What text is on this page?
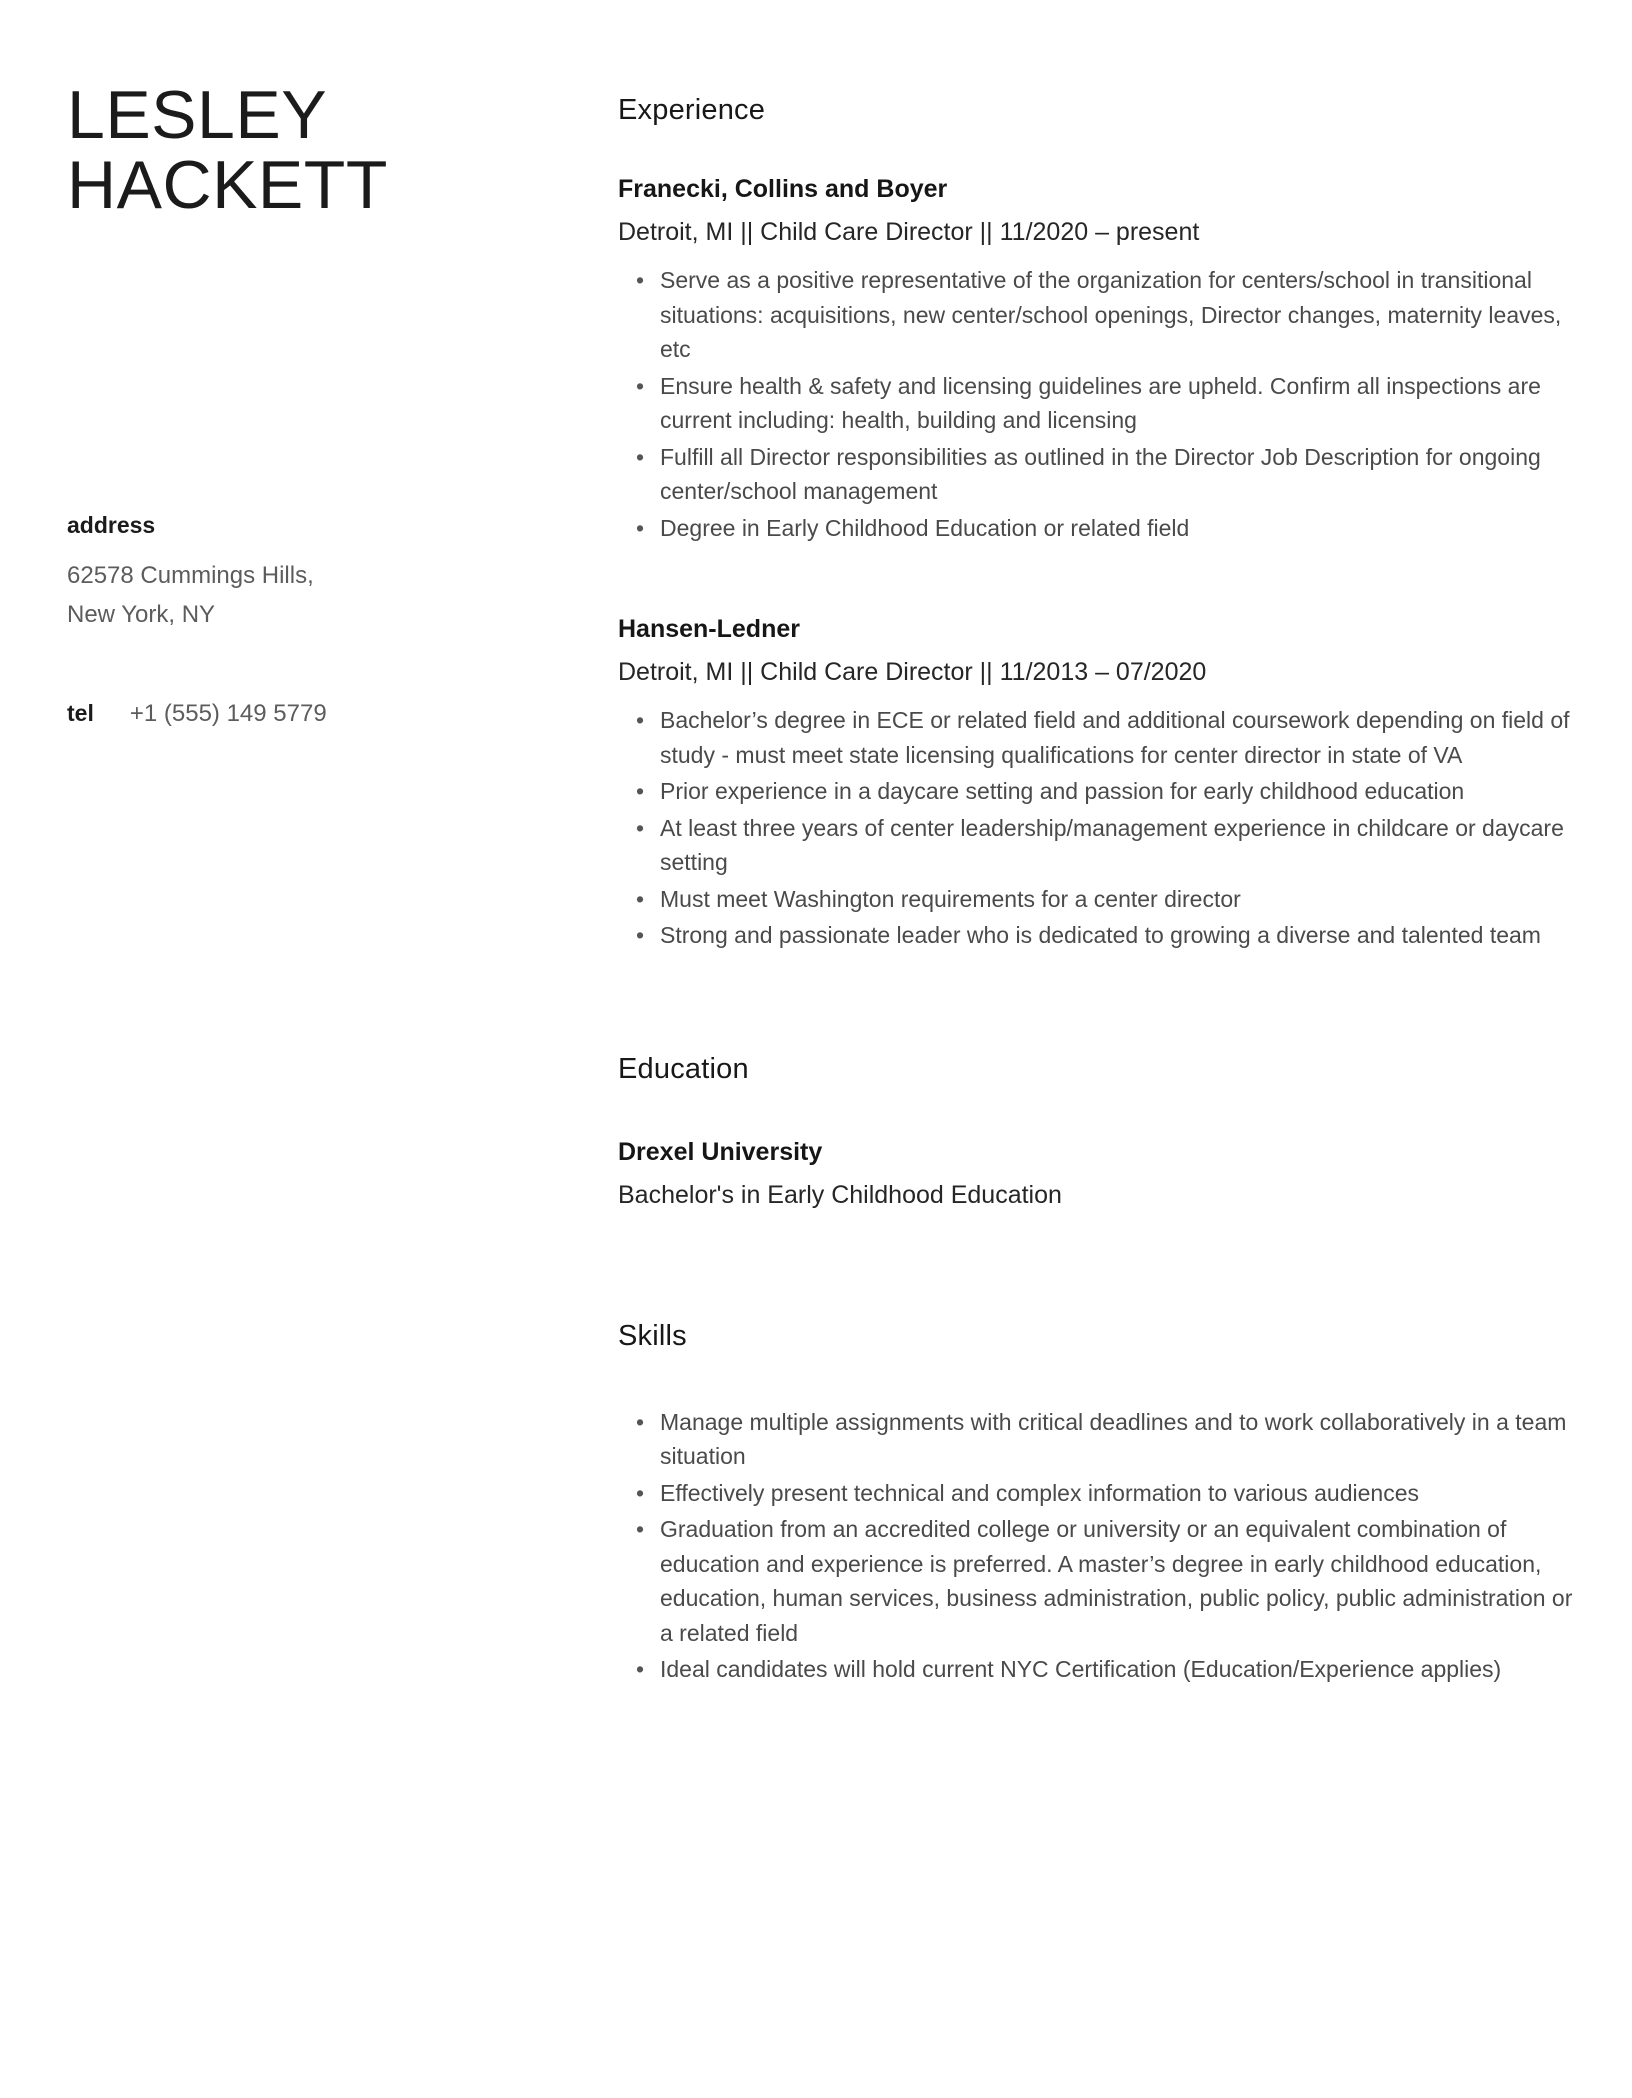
LESLEY
HACKETT
address
62578 Cummings Hills,
New York, NY
tel +1 (555) 149 5779
Experience
Franecki, Collins and Boyer
Detroit, MI || Child Care Director || 11/2020 – present
• Serve as a positive representative of the organization for centers/school in transitional situations: acquisitions, new center/school openings, Director changes, maternity leaves, etc
• Ensure health & safety and licensing guidelines are upheld. Confirm all inspections are current including: health, building and licensing
• Fulfill all Director responsibilities as outlined in the Director Job Description for ongoing center/school management
• Degree in Early Childhood Education or related field
Hansen-Ledner
Detroit, MI || Child Care Director || 11/2013 – 07/2020
• Bachelor’s degree in ECE or related field and additional coursework depending on field of study - must meet state licensing qualifications for center director in state of VA
• Prior experience in a daycare setting and passion for early childhood education
• At least three years of center leadership/management experience in childcare or daycare setting
• Must meet Washington requirements for a center director
• Strong and passionate leader who is dedicated to growing a diverse and talented team
Education
Drexel University
Bachelor's in Early Childhood Education
Skills
• Manage multiple assignments with critical deadlines and to work collaboratively in a team situation
• Effectively present technical and complex information to various audiences
• Graduation from an accredited college or university or an equivalent combination of education and experience is preferred. A master’s degree in early childhood education, education, human services, business administration, public policy, public administration or a related field
• Ideal candidates will hold current NYC Certification (Education/Experience applies)
